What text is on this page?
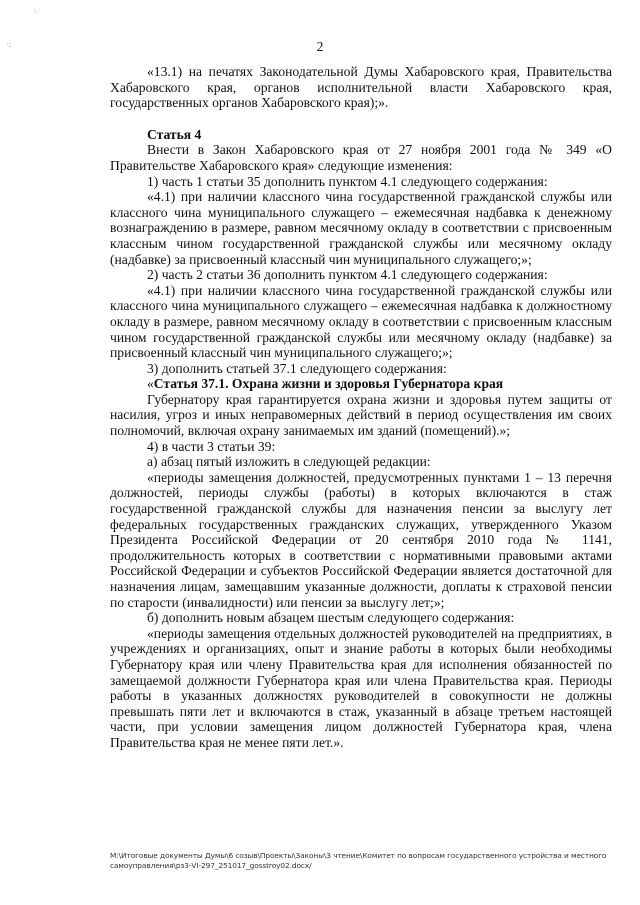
·̇
·:	2

«13.1) на печатях Законодательной Думы Хабаровского края, Правительства Хабаровского края, органов исполнительной власти Хабаровского края, государственных органов Хабаровского края);».

Статья 4

Внести в Закон Хабаровского края от 27 ноября 2001 года № 349 «О Правительстве Хабаровского края» следующие изменения:

1) часть 1 статьи 35 дополнить пунктом 4.1 следующего содержания:

«4.1) при наличии классного чина государственной гражданской службы или классного чина муниципального служащего – ежемесячная надбавка к денежному вознаграждению в размере, равном месячному окладу в соответствии с присвоенным классным чином государственной гражданской службы или месячному окладу (надбавке) за присвоенный классный чин муниципального служащего;»;

2) часть 2 статьи 36 дополнить пунктом 4.1 следующего содержания:

«4.1) при наличии классного чина государственной гражданской службы или классного чина муниципального служащего – ежемесячная надбавка к должностному окладу в размере, равном месячному окладу в соответствии с присвоенным классным чином государственной гражданской службы или месячному окладу (надбавке) за присвоенный классный чин муниципального служащего;»;

3) дополнить статьей 37.1 следующего содержания:

«Статья 37.1. Охрана жизни и здоровья Губернатора края

Губернатору края гарантируется охрана жизни и здоровья путем защиты от насилия, угроз и иных неправомерных действий в период осуществления им своих полномочий, включая охрану занимаемых им зданий (помещений).»;

4) в части 3 статьи 39:

а) абзац пятый изложить в следующей редакции:

«периоды замещения должностей, предусмотренных пунктами 1 – 13 перечня должностей, периоды службы (работы) в которых включаются в стаж государственной гражданской службы для назначения пенсии за выслугу лет федеральных государственных гражданских служащих, утвержденного Указом Президента Российской Федерации от 20 сентября 2010 года № 1141, продолжительность которых в соответствии с нормативными правовыми актами Российской Федерации и субъектов Российской Федерации является достаточной для назначения лицам, замещавшим указанные должности, доплаты к страховой пенсии по старости (инвалидности) или пенсии за выслугу лет;»;

б) дополнить новым абзацем шестым следующего содержания:

«периоды замещения отдельных должностей руководителей на предприятиях, в учреждениях и организациях, опыт и знание работы в которых были необходимы Губернатору края или члену Правительства края для исполнения обязанностей по замещаемой должности Губернатора края или члена Правительства края. Периоды работы в указанных должностях руководителей в совокупности не должны превышать пяти лет и включаются в стаж, указанный в абзаце третьем настоящей части, при условии замещения лицом должностей Губернатора края, члена Правительства края не менее пяти лет.».

M:\Итоговые документы Думы\6 созыв\Проекты\Законы\3 чтение\Комитет по вопросам государственного устройства и местного самоуправления\рз3-VI-297_251017_gosstroy02.docx/
